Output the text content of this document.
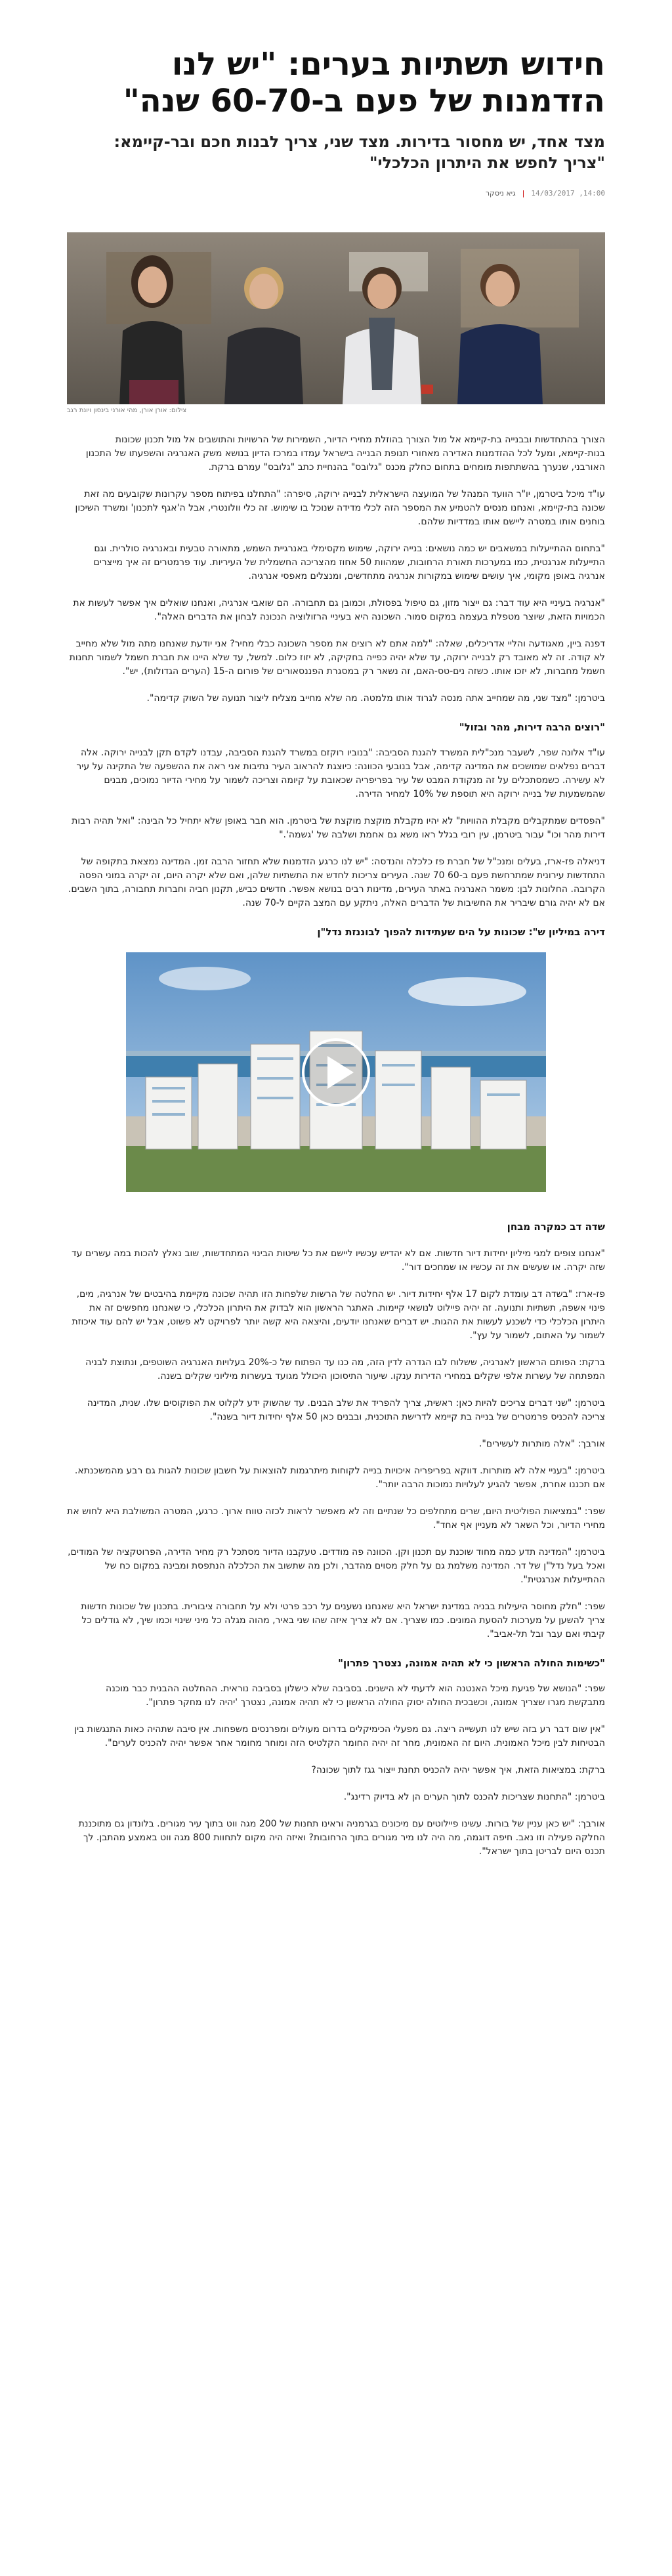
חידוש תשתיות בערים: "יש לנו הזדמנות של פעם ב-60-70 שנה"
מצד אחד, יש מחסור בדירות. מצד שני, צריך לבנות חכם ובר-קיימא: "צריך לחפש את היתרון הכלכלי"
14:00, 14/03/2017
|
גיא ניסקר
צילום: אורן אורן, מהי אורני בינסון ויונת רגב

הצורך בהתחדשות ובבנייה בת-קיימא אל מול הצורך בהוזלת מחירי הדיור, השמירות של הרשויות והתושבים אל מול תכנון שכונות בנות-קיימא, ומעל לכל ההזדמנות האדירה מאחורי תנופת הבנייה בישראל עמדו במרכז הדיון בנושא משק האנרגיה והשפעתו של התכנון האורבני, שנערך בהשתתפות מומחים בתחום כחלק מכנס "גלובס" בהנחיית כתב "גלובס" עמרם ברקת.

עו"ד מיכל ביטרמן, יו"ר הוועד המנהל של המועצה הישראלית לבנייה ירוקה, סיפרה: "התחלנו בפיתוח מספר עקרונות שקובעים מה זאת שכונה בת-קיימא, ואנחנו מנסים להטמיע את המספר הזה לכלי מדידה שנוכל בו שימוש. זה כלי וולונטרי, אבל ה'אגף לתכנון' ומשרד השיכון בוחנים אותו במטרה ליישם אותו במדדיות שלהם.

"בתחום ההתייעלות במשאבים יש כמה נושאים: בנייה ירוקה, שימוש מקסימלי באנרגיית השמש, מתאורה טבעית ובאנרגיה סולרית. וגם התייעלות אנרגטית, כמו במערכות תאורת הרחובות, שמהוות 50 אחוז מהצריכה החשמלית של העיריות. עוד פרמטרים זה איך מייצרים אנרגיה באופן מקומי, איך עושים שימוש במקורות אנרגיה מתחדשים, ומנצלים מאפסי אנרגיה.

"אנרגיה בעיניי היא עוד דבר: גם ייצור מזון, גם טיפול בפסולת, וכמובן גם תחבורה. הם שואבי אנרגיה, ואנחנו שואלים איך אפשר לעשות את הכמויות הזאת, שיוצר מטפלת בעצמה במקום סמור. השכונה היא בעיניי הרזולוציה הנכונה לבחון את הדברים האלה".

דפנה ביין, מאגודעה והליי אדריכלים, שאלה: "למה אתם לא רוצים את מספר השכונה כבלי מחיר? אני יודעת שאנחנו מתה מול שלא מחייב לא קודה. זה לא מאובד רק לבנייה ירוקה, עד שלא יהיה כפייה בחקיקה, לא יזוז כלום. למשל, עד שלא היינו את חברת חשמל לשמור תחנות חשמל מחברות, לא יזכו אותו. כשזה נים-טס-האם, זה נשאר רק במסגרת הפננסאורים של פורום ה-15 (הערים הגדולות), יש".

ביטרמן: "מצד שני, מה שמחייב אתה מנסה לגרוד אותו מלמטה. מה שלא מחייב מצליח ליצור תנועה של השוק קדימה".

"רוצים הרבה דירות, מהר ובזול"

עו"ד אלונה שפר, לשעבר מנכ"לית המשרד להגנת הסביבה: "בנוביו רוקזם במשרד להגנת הסביבה, עבדנו לקדם תקן לבנייה ירוקה. אלה דברים נפלאים שמושכים את המדינה קדימה, אבל בנובעי הכוונה: כיוצגת להראוב העיר נתיבות אני ראה את ההשפעה של התקינה על עיר לא עשירה. כשמסתכלים על זה מנקודת המבט של עיר בפריפריה שכאובת על קיומה וצריכה לשמור על מחירי הדיור נמוכים, מבנים שהמשמעות של בנייה ירוקה היא תוספת של 10% למחיר הדירה.

"הפסדים שמתקבלים מקבלת ההוויות" לא יהיו מקבלת מוקצת מוקצת של ביטרמן. הוא חבר באופן שלא יתחיל כל הבינה: "ואל תהיה רבות דירות מהר וכו" עבור ביטרמן, עין רובי בגלל ראו משא גם אחמת ושלבה של 'גשמה'."

דניאלה פז-ארז, בעלים ומנכ"ל של חברת פז כלכלה והנדסה: "יש לנו כרגע הזדמנות שלא תחזור הרבה זמן. המדינה נמצאת בתקופה של התחדשות עירונית שמתרחשת פעם ב-60 70 שנה. העירים צריכות לחדש את התשתיות שלהן, ואם שלא יקרה היום, זה יקרה במוני הפסה הקרובה. החלונות לבן: משמר האנרגיה באתר העירים, מדינות רבים בנושא אפשר. חדשים כביש, תקנון חביה וחברות תחבורה, בתוך השבים. אם לא יהיה גורם שיבריר את החשיבות של הדברים האלה, ניתקע עם המצב הקיים ל-70 שנה.

דירה במיליון ש": שכונות על הים שעתידות להפוך לבוננזת נדל"ן
שדה דב כמקרה מבחן

"אנחנו צופים למגי מיליון יחידות דיור חדשות. אם לא יהדיש עכשיו ליישם את כל שיטות הבינוי המתחדשות, שוב נאלץ להכות במה עשרים עד שזה יקרה. או שעשים את זה עכשיו או שמחכים דור".

פז-ארז: "בשדה דב עומדת לקום 17 אלף יחידות דיור. יש החלטה של הרשות שלפחות הזו תהיה שכונה מקיימת בהיבטים של אנרגיה, מים, פינוי אשפה, תשתיות ותנועה. זה יהיה פיילוט לנושאי קיימות. האתגר הראשון הוא לבדוק את היתרון הכלכלי, כי שאנחנו מחפשים זה את היתרון הכלכלי כדי לשכנע לעשות את ההגות. יש דברים שאנחנו יודעים, והיצאה היא קשה יותר לפרויקט לא פשוט, אבל יש להם עוד איכוזת לשמור על האתום, לשמור על עץ".

ברקת: הפותם הראשון לאנרגיה, ששלוח לבו הגדרה לדין הזה, מה כנו עד הפתוח של כ-20% בעלויות האנרגיה השוטפים, ונתוצת לבניה המפתחה של עשרות אלפי שקלים במחירי הדירות ענקו. שיעור התיסוכון היכולל מגועד בעשרות מיליוני שקלים בשנה.

ביטרמן: "שני דברים צריכים להיות כאן: ראשית, צריך להפריד את שלב הבנים. עד שהשוק ידע לקלוט את הפוקוסים שלו. שנית, המדינה צריכה להכניס פרמטרים של בנייה בת קיימא לדרישת התוכנית, ובבנים כאן 50 אלף יחידות דיור בשנה".

אורבך: "אלה מותרות לעשירים".

ביטרמן: "בעניי אלה לא מותרות. דווקא בפריפריה איכויות בנייה לקוחות מיתרגמות להוצאות על חשבון שכונות להגות גם רבע מהמשכנתא. אם תכננו אחרת, אפשר להגיע לעלויות נמוכות הרבה יותר".

שפר: "במציאות הפוליטית היום, שרים מתחלפים כל שנתיים וזה לא מאפשר לראות לכזה טווח ארוך. כרגע, המטרה המשולבת היא לחוש את מחירי הדיור, וכל השאר לא מעניין אף אחד".

ביטרמן: "המדינה תדע כמה מחוד שוכנת עם תכנון וקן. הכוונה פה מודדים. טעקבנו הדיור מסתכל רק מחיר הדירה, הפרוטקציה של המודים, ואכל בעל נדל"ן של דר. המדינה משלמת גם על חלק מסוים מהדבר, ולכן מה שתשוב את הכלכלה הנתפסת ומבינה במקום כח של ההתייעלות אנרגטית".

שפר: "חלק מחוסר היעילות בבניה במדינת ישראל היא שאנחנו נשענים על רכב פרטי ולא על תחבורה ציבורית. בתכנון של שכונות חדשות צריך להשען על מערכות להסעת המונים. כמו שצריך. אם לא צריך איזה שהו שני באיר, מהוה מגלה כל מיני שינוי וכמו שיך, לא גודלים כל קיבתי ואם עבר ובל תל-אביב".

"כשימות החולה הראשון כי לא תהיה אמונה, נצטרך פתרון"

שפר: "הנושא של פגיעת מיכל האנטנה הוא לדעתי לא הישנים. בסביבה שלא כישלון בסביבה נוראית. ההחלטה ההבנית כבר מוכנה מתבקשת מגרו שצריך אמונה, וכשבכית החולה יסוק החולה הראשון כי לא תהיה אמונה, נצטרך 'יהיה לנו מחקר פתרון".

"אין שום דבר רע בזה שיש לנו תעשייה ריצה. גם מפעלי הכימיקלים בדרום מעולים ומפרנסים משפחות. אין סיבה שתהיה כאות התנגשות בין הבטיחות לבין מיכל האמונית. היום זה האמונית, מחר זה יהיה החומר הקלטיס הזה ומוחר מחומר אחר אפשר יהיה להכניס לערים".

ברקת: במציאות הזאת, איך אפשר יהיה להכניס תחנת ייצור גגז לתוך שכונה?

ביטרמן: "התחנות שצריכות להכנס לתוך הערים הן לא בדיוק רדינג".

אורבך: "יש כאן עניין של בורות. עשינו פיילוטים עם מיכונים בגרמניה וראינו תחנות של 200 מגה ווט בתוך עיר מגורים. בלונדון גם מתוכננת החלקה פעילה וזו נאב. חיפה דוגמה, מה היה לנו מיר מגורים בתוך הרחובות? ואיזה היה מקום לתחוות 800 מגה ווט באמצע מהתבן. לך תכנס היום לבריטן בתוך ישראל".
